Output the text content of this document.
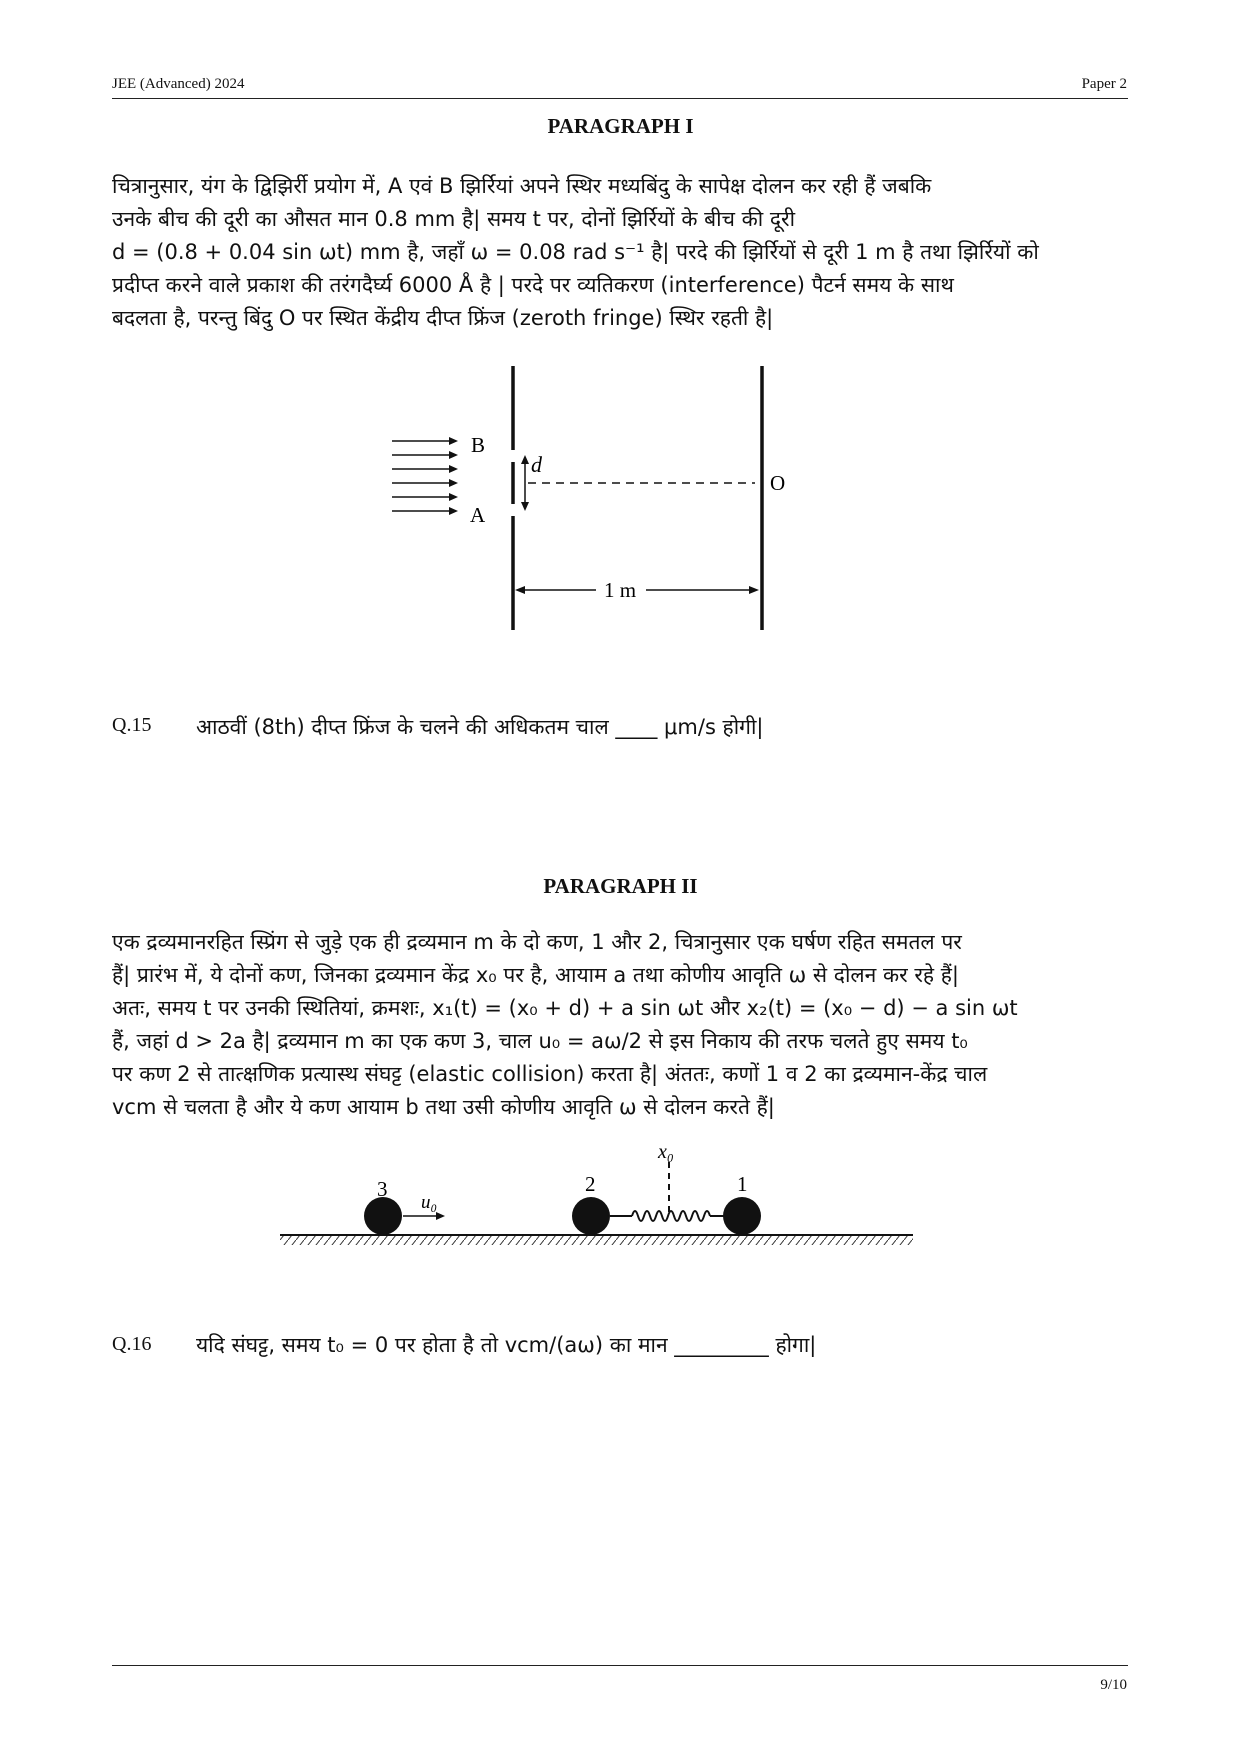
JEE (Advanced) 2024	Paper 2
PARAGRAPH I

चित्रानुसार, यंग के द्विझिर्री प्रयोग में, A एवं B झिर्रियां अपने स्थिर मध्यबिंदु के सापेक्ष दोलन कर रही हैं जबकि

उनके बीच की दूरी का औसत मान 0.8 mm है| समय t पर, दोनों झिर्रियों के बीच की दूरी

d = (0.8 + 0.04 sin ωt) mm है, जहाँ ω = 0.08 rad s⁻¹ है| परदे की झिर्रियों से दूरी 1 m है तथा झिर्रियों को

प्रदीप्त करने वाले प्रकाश की तरंगदैर्घ्य 6000 Å है | परदे पर व्यतिकरण (interference) पैटर्न समय के साथ

बदलता है, परन्तु बिंदु O पर स्थित केंद्रीय दीप्त फ्रिंज (zeroth fringe) स्थिर रहती है|

B
A
d
O
1 m
Q.15 आठवीं (8th) दीप्त फ्रिंज के चलने की अधिकतम चाल ____ μm/s होगी|
PARAGRAPH II

एक द्रव्यमानरहित स्प्रिंग से जुड़े एक ही द्रव्यमान m के दो कण, 1 और 2, चित्रानुसार एक घर्षण रहित समतल पर

हैं| प्रारंभ में, ये दोनों कण, जिनका द्रव्यमान केंद्र x₀ पर है, आयाम a तथा कोणीय आवृति ω से दोलन कर रहे हैं|

अतः, समय t पर उनकी स्थितियां, क्रमशः, x₁(t) = (x₀ + d) + a sin ωt और x₂(t) = (x₀ − d) − a sin ωt

हैं, जहां d > 2a है| द्रव्यमान m का एक कण 3, चाल u₀ = aω/2 से इस निकाय की तरफ चलते हुए समय t₀

पर कण 2 से तात्क्षणिक प्रत्यास्थ संघट्ट (elastic collision) करता है| अंततः, कणों 1 व 2 का द्रव्यमान-केंद्र चाल

vcm से चलता है और ये कण आयाम b तथा उसी कोणीय आवृति ω से दोलन करते हैं|

x₀
3	2	1
u₀
Q.16 यदि संघट्ट, समय t₀ = 0 पर होता है तो vcm/(aω) का मान _________ होगा|
9/10
